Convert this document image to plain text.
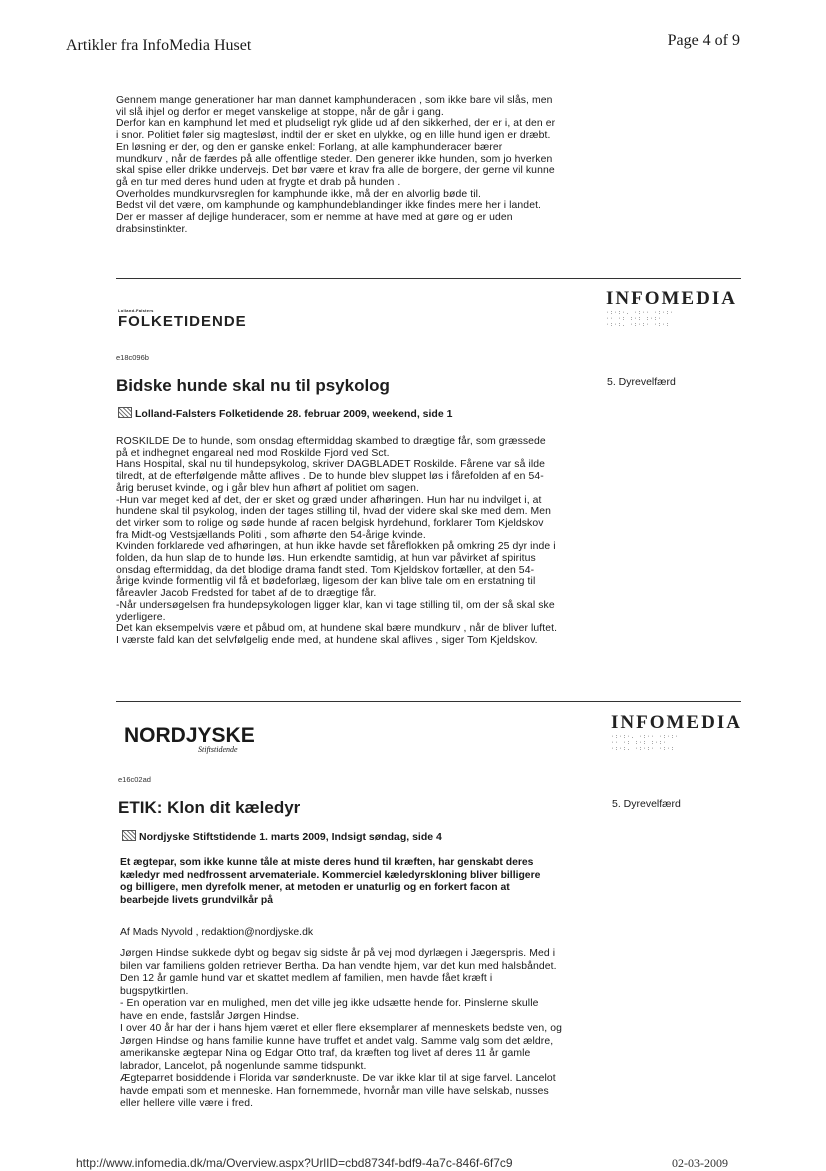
Artikler fra InfoMedia Huset	Page 4 of 9
Gennem mange generationer har man dannet kamphunderacen , som ikke bare vil slås, men
vil slå ihjel og derfor er meget vanskelige at stoppe, når de går i gang.
Derfor kan en kamphund let med et pludseligt ryk glide ud af den sikkerhed, der er i, at den er
i snor. Politiet føler sig magtesløst, indtil der er sket en ulykke, og en lille hund igen er dræbt.
En løsning er der, og den er ganske enkel: Forlang, at alle kamphunderacer bærer
mundkurv , når de færdes på alle offentlige steder. Den generer ikke hunden, som jo hverken
skal spise eller drikke undervejs. Det bør være et krav fra alle de borgere, der gerne vil kunne
gå en tur med deres hund uden at frygte et drab på hunden .
Overholdes mundkurvsreglen for kamphunde ikke, må der en alvorlig bøde til.
Bedst vil det være, om kamphunde og kamphundeblandinger ikke findes mere her i landet.
Der er masser af dejlige hunderacer, som er nemme at have med at gøre og er uden
drabsinstinkter.
Lolland-Falsters
FOLKETIDENDE
INFOMEDIA
·:·:·. ·:·· ·:·:·
·· ·: :·: :·:·
·:·:. ·:·:· ·:·:
e18c096b
Bidske hunde skal nu til psykolog	5. Dyrevelfærd
Lolland-Falsters Folketidende 28. februar 2009, weekend, side 1
ROSKILDE De to hunde, som onsdag eftermiddag skambed to drægtige får, som græssede
på et indhegnet engareal ned mod Roskilde Fjord ved Sct.
Hans Hospital, skal nu til hundepsykolog, skriver DAGBLADET Roskilde. Fårene var så ilde
tilredt, at de efterfølgende måtte aflives . De to hunde blev sluppet løs i fårefolden af en 54-
årig beruset kvinde, og i går blev hun afhørt af politiet om sagen.
-Hun var meget ked af det, der er sket og græd under afhøringen. Hun har nu indvilget i, at
hundene skal til psykolog, inden der tages stilling til, hvad der videre skal ske med dem. Men
det virker som to rolige og søde hunde af racen belgisk hyrdehund, forklarer Tom Kjeldskov
fra Midt-og Vestsjællands Politi , som afhørte den 54-årige kvinde.
Kvinden forklarede ved afhøringen, at hun ikke havde set fåreflokken på omkring 25 dyr inde i
folden, da hun slap de to hunde løs. Hun erkendte samtidig, at hun var påvirket af spiritus
onsdag eftermiddag, da det blodige drama fandt sted. Tom Kjeldskov fortæller, at den 54-
årige kvinde formentlig vil få et bødeforlæg, ligesom der kan blive tale om en erstatning til
fåreavler Jacob Fredsted for tabet af de to drægtige får.
-Når undersøgelsen fra hundepsykologen ligger klar, kan vi tage stilling til, om der så skal ske
yderligere.
Det kan eksempelvis være et påbud om, at hundene skal bære mundkurv , når de bliver luftet.
I værste fald kan det selvfølgelig ende med, at hundene skal aflives , siger Tom Kjeldskov.
NORDJYSKE
Stiftstidende
INFOMEDIA
·:·:·. ·:·· ·:·:·
·· ·: :·: :·:·
·:·:. ·:·:· ·:·:
e16c02ad
ETIK: Klon dit kæledyr	5. Dyrevelfærd
Nordjyske Stiftstidende 1. marts 2009, Indsigt søndag, side 4
Et ægtepar, som ikke kunne tåle at miste deres hund til kræften, har genskabt deres
kæledyr med nedfrossent arvemateriale. Kommerciel kæledyrskloning bliver billigere
og billigere, men dyrefolk mener, at metoden er unaturlig og en forkert facon at
bearbejde livets grundvilkår på
Af Mads Nyvold , redaktion@nordjyske.dk
Jørgen Hindse sukkede dybt og begav sig sidste år på vej mod dyrlægen i Jægerspris. Med i
bilen var familiens golden retriever Bertha. Da han vendte hjem, var det kun med halsbåndet.
Den 12 år gamle hund var et skattet medlem af familien, men havde fået kræft i
bugspytkirtlen.
- En operation var en mulighed, men det ville jeg ikke udsætte hende for. Pinslerne skulle
have en ende, fastslår Jørgen Hindse.
I over 40 år har der i hans hjem været et eller flere eksemplarer af menneskets bedste ven, og
Jørgen Hindse og hans familie kunne have truffet et andet valg. Samme valg som det ældre,
amerikanske ægtepar Nina og Edgar Otto traf, da kræften tog livet af deres 11 år gamle
labrador, Lancelot, på nogenlunde samme tidspunkt.
Ægteparret bosiddende i Florida var sønderknuste. De var ikke klar til at sige farvel. Lancelot
havde empati som et menneske. Han fornemmede, hvornår man ville have selskab, nusses
eller hellere ville være i fred.
http://www.infomedia.dk/ma/Overview.aspx?UrlID=cbd8734f-bdf9-4a7c-846f-6f7c9	02-03-2009
